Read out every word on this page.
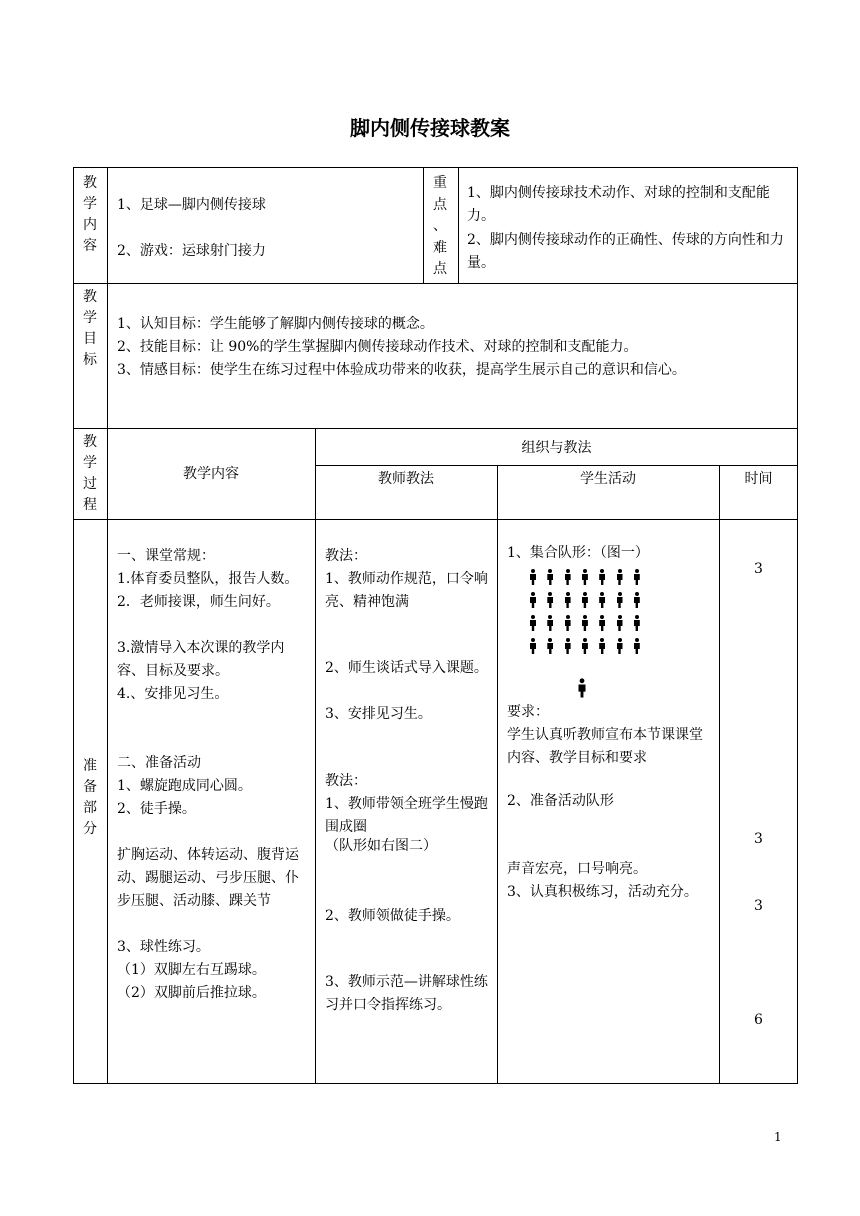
脚内侧传接球教案
教
学
内
容
1、足球—脚内侧传接球
2、游戏：运球射门接力
重
点
、
难
点
1、脚内侧传接球技术动作、对球的控制和支配能力。
2、脚内侧传接球动作的正确性、传球的方向性和力量。
教
学
目
标
1、认知目标：学生能够了解脚内侧传接球的概念。
2、技能目标：让 90%的学生掌握脚内侧传接球动作技术、对球的控制和支配能力。
3、情感目标：使学生在练习过程中体验成功带来的收获，提高学生展示自己的意识和信心。
教
学
过
程
教学内容
组织与教法
教师教法	学生活动	时间
准
备
部
分
一、课堂常规：
1.体育委员整队，报告人数。
2．老师接课，师生问好。
3.激情导入本次课的教学内容、目标及要求。
4.、安排见习生。
二、准备活动
1、螺旋跑成同心圆。
2、徒手操。
扩胸运动、体转运动、腹背运动、踢腿运动、弓步压腿、仆步压腿、活动膝、踝关节
3、球性练习。
（1）双脚左右互踢球。
（2）双脚前后推拉球。
教法：
1、教师动作规范，口令响亮、精神饱满
2、师生谈话式导入课题。
3、安排见习生。
教法：
1、教师带领全班学生慢跑围成圈
（队形如右图二）
2、教师领做徒手操。
3、教师示范—讲解球性练习并口令指挥练习。
1、集合队形：（图一）
要求：
学生认真听教师宣布本节课课堂内容、教学目标和要求
2、准备活动队形
声音宏亮，口号响亮。
3、认真积极练习，活动充分。
3
3
3
6
1
